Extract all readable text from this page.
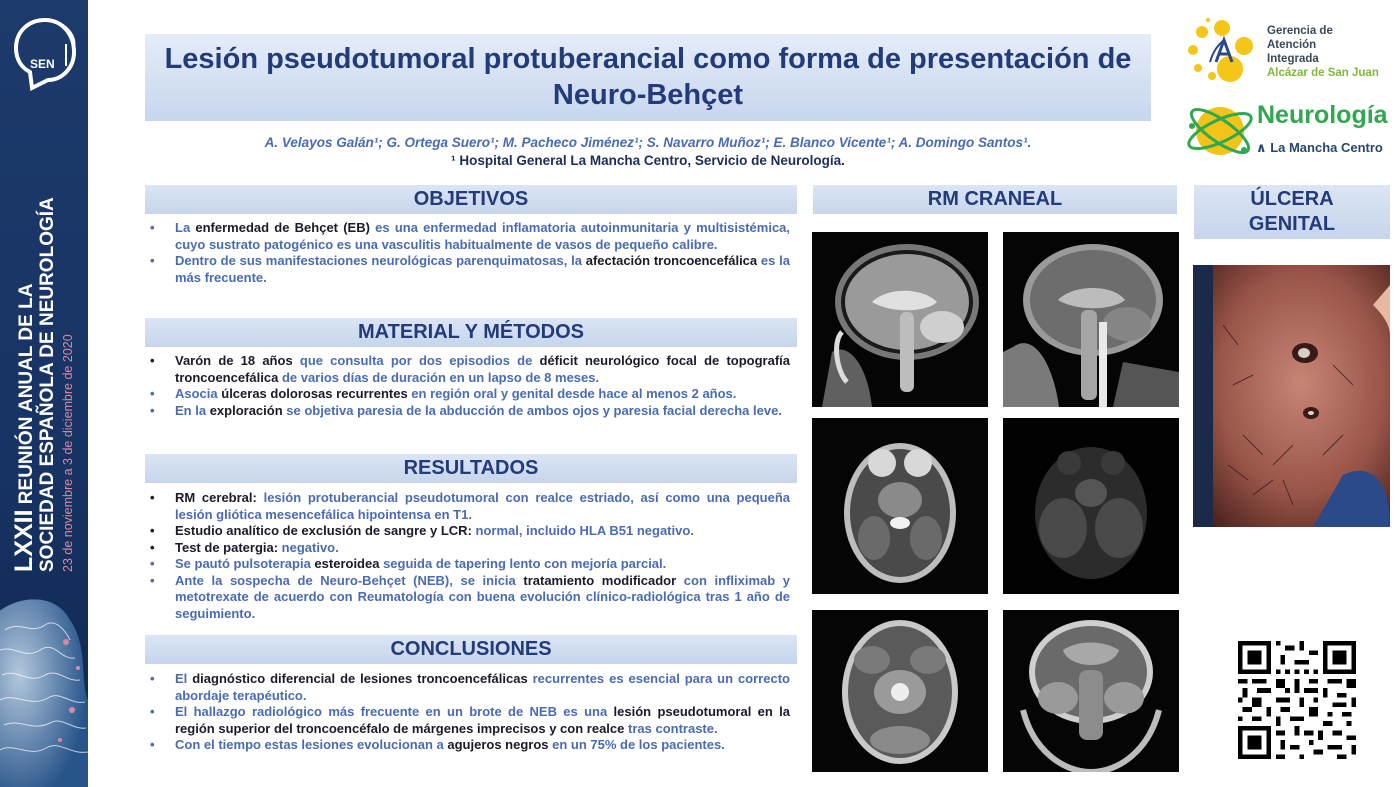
SEN
LXXII REUNIÓN ANUAL DE LA SOCIEDAD ESPAÑOLA DE NEUROLOGÍA 23 de noviembre a 3 de diciembre de 2020
Lesión pseudotumoral protuberancial como forma de presentación de Neuro-Behçet
A. Velayos Galán¹; G. Ortega Suero¹; M. Pacheco Jiménez¹; S. Navarro Muñoz¹; E. Blanco Vicente¹; A. Domingo Santos¹.
¹ Hospital General La Mancha Centro, Servicio de Neurología.
Gerencia de
Atención
Integrada
Alcázar de San Juan
Neurología
∧ La Mancha Centro
OBJETIVOS
• La enfermedad de Behçet (EB) es una enfermedad inflamatoria autoinmunitaria y multisistémica, cuyo sustrato patogénico es una vasculitis habitualmente de vasos de pequeño calibre.
• Dentro de sus manifestaciones neurológicas parenquimatosas, la afectación troncoencefálica es la más frecuente.
MATERIAL Y MÉTODOS
• Varón de 18 años que consulta por dos episodios de déficit neurológico focal de topografía troncoencefálica de varios días de duración en un lapso de 8 meses.
• Asocia úlceras dolorosas recurrentes en región oral y genital desde hace al menos 2 años.
• En la exploración se objetiva paresia de la abducción de ambos ojos y paresia facial derecha leve.
RESULTADOS
• RM cerebral: lesión protuberancial pseudotumoral con realce estriado, así como una pequeña lesión gliótica mesencefálica hipointensa en T1.
• Estudio analítico de exclusión de sangre y LCR: normal, incluido HLA B51 negativo.
• Test de patergia: negativo.
• Se pautó pulsoterapia esteroidea seguida de tapering lento con mejoría parcial.
• Ante la sospecha de Neuro-Behçet (NEB), se inicia tratamiento modificador con infliximab y metotrexate de acuerdo con Reumatología con buena evolución clínico-radiológica tras 1 año de seguimiento.
CONCLUSIONES
• El diagnóstico diferencial de lesiones troncoencefálicas recurrentes es esencial para un correcto abordaje terapéutico.
• El hallazgo radiológico más frecuente en un brote de NEB es una lesión pseudotumoral en la región superior del troncoencéfalo de márgenes imprecisos y con realce tras contraste.
• Con el tiempo estas lesiones evolucionan a agujeros negros en un 75% de los pacientes.
RM CRANEAL	ÚLCERA
GENITAL
